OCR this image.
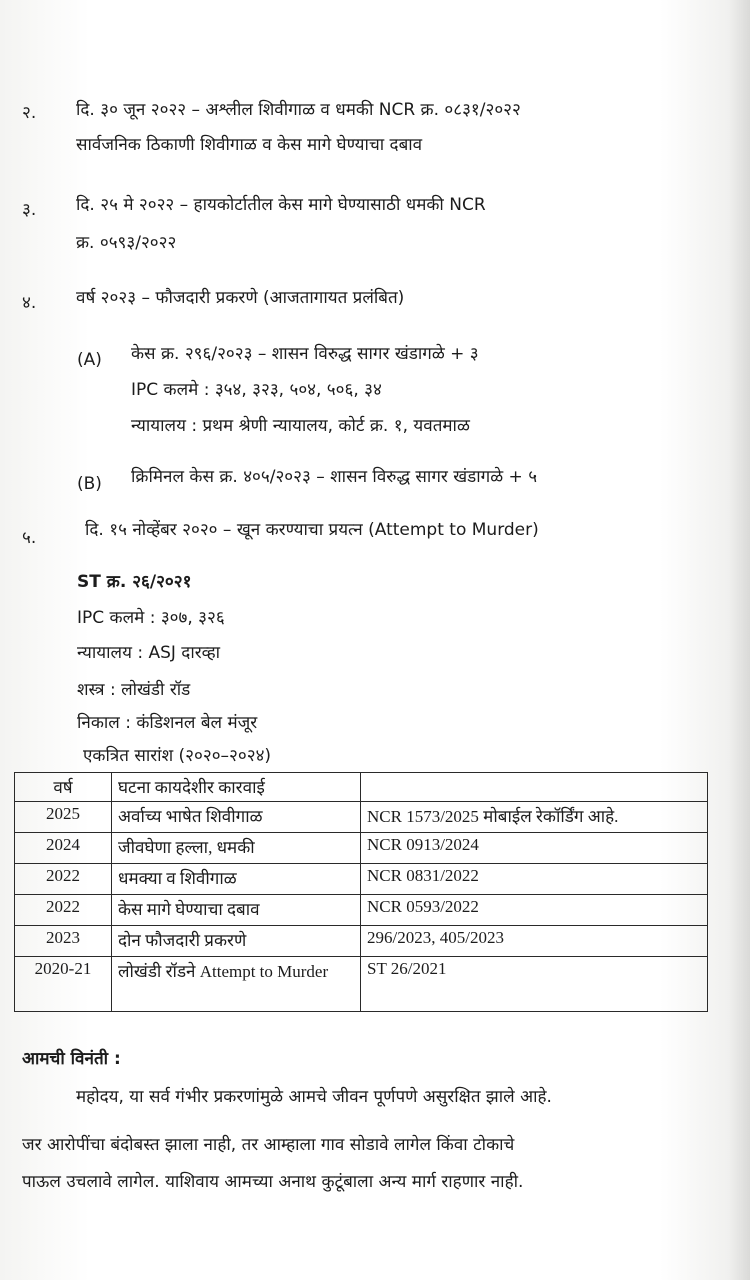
२. दि. ३० जून २०२२ – अश्लील शिवीगाळ व धमकी NCR क्र. ०८३१/२०२२
सार्वजनिक ठिकाणी शिवीगाळ व केस मागे घेण्याचा दबाव
३. दि. २५ मे २०२२ – हायकोर्टातील केस मागे घेण्यासाठी धमकी NCR
क्र. ०५९३/२०२२
४. वर्ष २०२३ – फौजदारी प्रकरणे (आजतागायत प्रलंबित)
(A) केस क्र. २९६/२०२३ – शासन विरुद्ध सागर खंडागळे + ३
IPC कलमे : ३५४, ३२३, ५०४, ५०६, ३४
न्यायालय : प्रथम श्रेणी न्यायालय, कोर्ट क्र. १, यवतमाळ
(B) क्रिमिनल केस क्र. ४०५/२०२३ – शासन विरुद्ध सागर खंडागळे + ५
५.	दि. १५ नोव्हेंबर २०२० – खून करण्याचा प्रयत्न (Attempt to Murder)
ST क्र. २६/२०२१
IPC कलमे : ३०७, ३२६
न्यायालय : ASJ दारव्हा
शस्त्र : लोखंडी रॉड
निकाल : कंडिशनल बेल मंजूर
एकत्रित सारांश (२०२०–२०२४)
वर्ष	घटना कायदेशीर कारवाई	
2025	अर्वाच्य भाषेत शिवीगाळ	NCR 1573/2025 मोबाईल रेकॉर्डिंग आहे.
2024	जीवघेणा हल्ला, धमकी	NCR 0913/2024
2022	धमक्या व शिवीगाळ	NCR 0831/2022
2022	केस मागे घेण्याचा दबाव	NCR 0593/2022
2023	दोन फौजदारी प्रकरणे	296/2023, 405/2023
2020-21	लोखंडी रॉडने Attempt to Murder	ST 26/2021
आमची विनंती :
महोदय, या सर्व गंभीर प्रकरणांमुळे आमचे जीवन पूर्णपणे असुरक्षित झाले आहे.
जर आरोपींचा बंदोबस्त झाला नाही, तर आम्हाला गाव सोडावे लागेल किंवा टोकाचे
पाऊल उचलावे लागेल. याशिवाय आमच्या अनाथ कुटूंबाला अन्य मार्ग राहणार नाही.
